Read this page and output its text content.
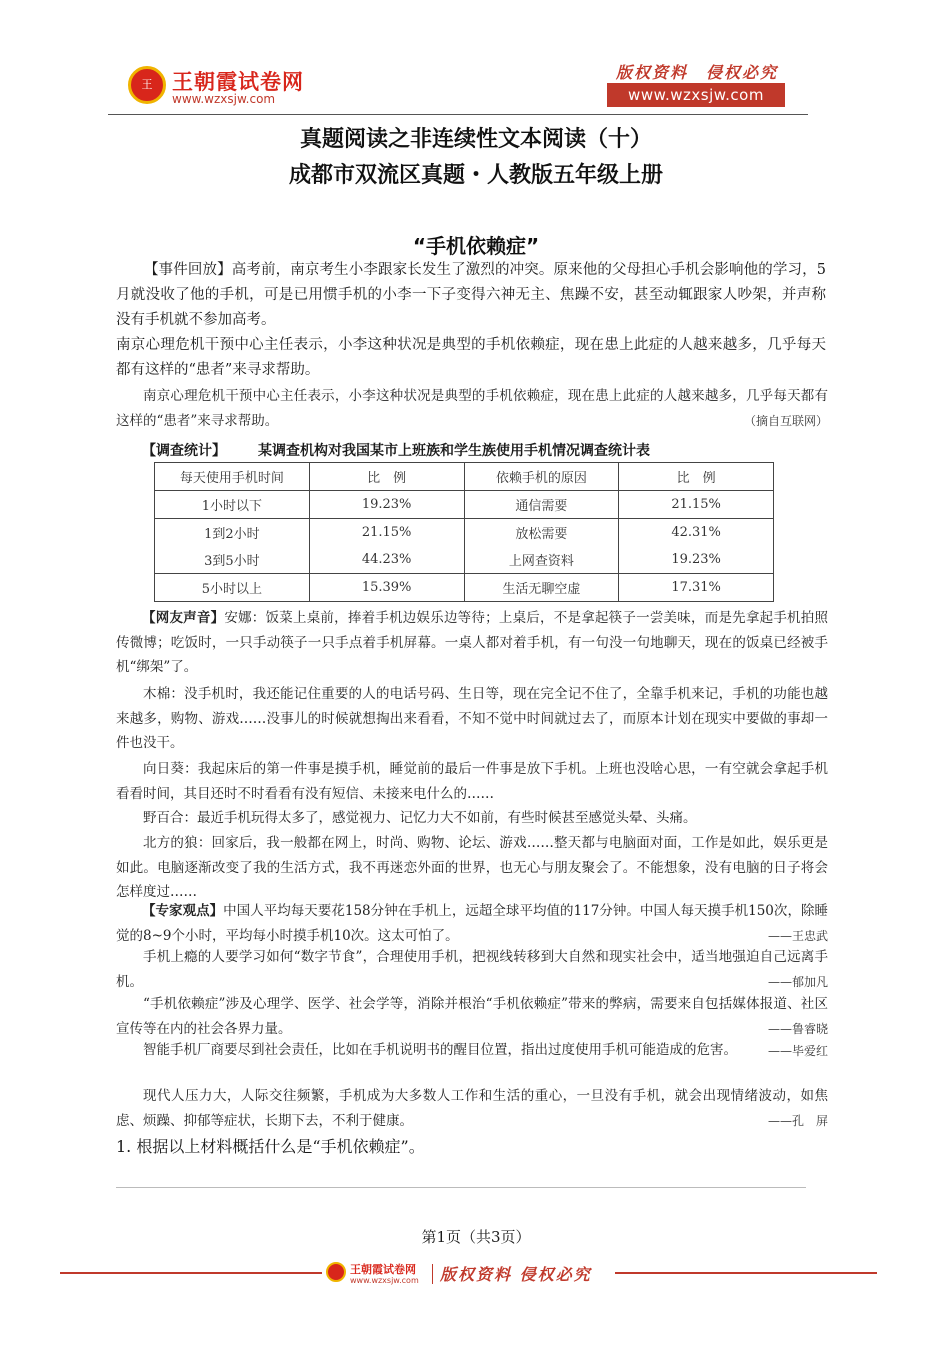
王 王朝霞试卷网
www.wzxsjw.com
版权资料　侵权必究
www.wzxsjw.com
真题阅读之非连续性文本阅读（十）
成都市双流区真题・人教版五年级上册
“手机依赖症”
【事件回放】高考前，南京考生小李跟家长发生了激烈的冲突。原来他的父母担心手机会影响他的学习，5月就没收了他的手机，可是已用惯手机的小李一下子变得六神无主、焦躁不安，甚至动辄跟家人吵架，并声称没有手机就不参加高考。
南京心理危机干预中心主任表示，小李这种状况是典型的手机依赖症，现在患上此症的人越来越多，几乎每天都有这样的“患者”来寻求帮助。
南京心理危机干预中心主任表示，小李这种状况是典型的手机依赖症，现在患上此症的人越来越多，几乎每天都有这样的“患者”来寻求帮助。	（摘自互联网）
【调查统计】 某调查机构对我国某市上班族和学生族使用手机情况调查统计表
每天使用手机时间	比　例	依赖手机的原因	比　例
1小时以下	19.23%	通信需要	21.15%
1到2小时	21.15%	放松需要	42.31%
3到5小时	44.23%	上网查资料	19.23%
5小时以上	15.39%	生活无聊空虚	17.31%
【网友声音】安娜：饭菜上桌前，捧着手机边娱乐边等待；上桌后，不是拿起筷子一尝美味，而是先拿起手机拍照传微博；吃饭时，一只手动筷子一只手点着手机屏幕。一桌人都对着手机，有一句没一句地聊天，现在的饭桌已经被手机“绑架”了。
木棉：没手机时，我还能记住重要的人的电话号码、生日等，现在完全记不住了，全靠手机来记，手机的功能也越来越多，购物、游戏……没事儿的时候就想掏出来看看，不知不觉中时间就过去了，而原本计划在现实中要做的事却一件也没干。
向日葵：我起床后的第一件事是摸手机，睡觉前的最后一件事是放下手机。上班也没啥心思，一有空就会拿起手机看看时间，其目还时不时看看有没有短信、未接来电什么的……
野百合：最近手机玩得太多了，感觉视力、记忆力大不如前，有些时候甚至感觉头晕、头痛。
北方的狼：回家后，我一般都在网上，时尚、购物、论坛、游戏……整天都与电脑面对面，工作是如此，娱乐更是如此。电脑逐渐改变了我的生活方式，我不再迷恋外面的世界，也无心与朋友聚会了。不能想象，没有电脑的日子将会怎样度过……
【专家观点】中国人平均每天要花158分钟在手机上，远超全球平均值的117分钟。中国人每天摸手机150次，除睡觉的8~9个小时，平均每小时摸手机10次。这太可怕了。	——王忠武
手机上瘾的人要学习如何“数字节食”，合理使用手机，把视线转移到大自然和现实社会中，适当地强迫自己远离手机。	——郁加凡
“手机依赖症”涉及心理学、医学、社会学等，消除并根治“手机依赖症”带来的弊病，需要来自包括媒体报道、社区宣传等在内的社会各界力量。	——鲁睿晓
智能手机厂商要尽到社会责任，比如在手机说明书的醒目位置，指出过度使用手机可能造成的危害。	——毕爱红
现代人压力大，人际交往频繁，手机成为大多数人工作和生活的重心，一旦没有手机，就会出现情绪波动，如焦虑、烦躁、抑郁等症状，长期下去，不利于健康。	——孔　屏
1. 根据以上材料概括什么是“手机依赖症”。
第1页（共3页）
王朝霞试卷网
www.wzxsjw.com 版权资料 侵权必究
